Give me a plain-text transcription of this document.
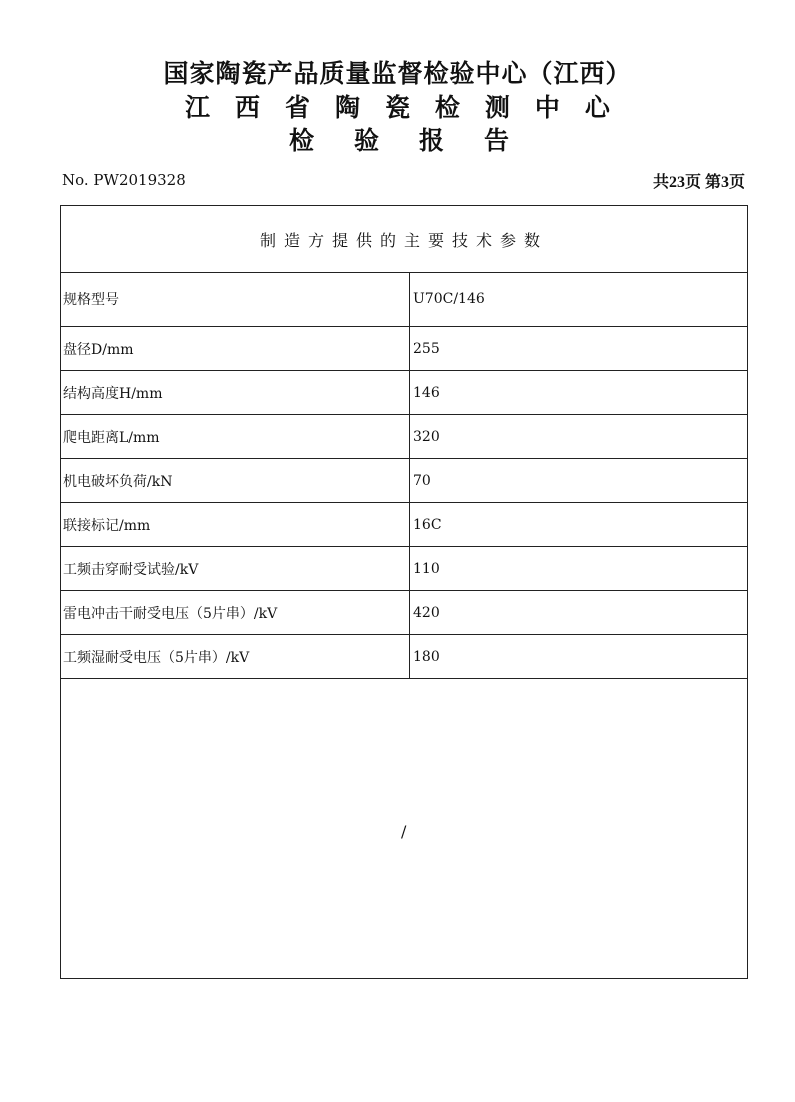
国家陶瓷产品质量监督检验中心（江西）
江 西 省 陶 瓷 检 测 中 心
检 验 报 告
No. PW2019328	共23页 第3页
制造方提供的主要技术参数
规格型号	U70C/146
盘径D/mm	255
结构高度H/mm	146
爬电距离L/mm	320
机电破坏负荷/kN	70
联接标记/mm	16C
工频击穿耐受试验/kV	110
雷电冲击干耐受电压（5片串）/kV	420
工频湿耐受电压（5片串）/kV	180
/
